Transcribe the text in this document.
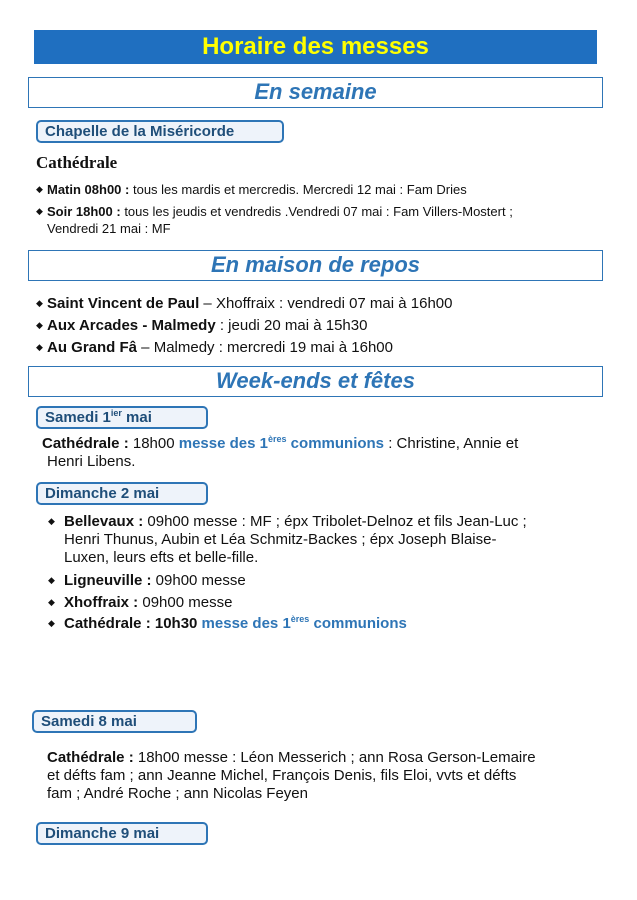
Horaire des messes
En semaine
Chapelle de la Miséricorde
Cathédrale
◆ Matin 08h00 : tous les mardis et mercredis. Mercredi 12 mai : Fam Dries
◆ Soir 18h00 : tous les jeudis et vendredis .Vendredi 07 mai : Fam Villers-Mostert ;
Vendredi 21 mai : MF
En maison de repos
◆ Saint Vincent de Paul – Xhoffraix : vendredi 07 mai à 16h00
◆ Aux Arcades - Malmedy : jeudi 20 mai à 15h30
◆ Au Grand Fâ – Malmedy : mercredi 19 mai à 16h00
Week-ends et fêtes
Samedi $1^{ier}$ mai
Cathédrale : 18h00 messe des 1ères communions : Christine, Annie et
Henri Libens.
Dimanche 2 mai
◆ Bellevaux : 09h00 messe : MF ; épx Tribolet-Delnoz et fils Jean-Luc ;
Henri Thunus, Aubin et Léa Schmitz-Backes ; épx Joseph Blaise-
Luxen, leurs efts et belle-fille.
◆ Ligneuville : 09h00 messe
◆ Xhoffraix : 09h00 messe
◆ Cathédrale : 10h30 messe des 1ères communions
Samedi 8 mai
Cathédrale : 18h00 messe : Léon Messerich ; ann Rosa Gerson-Lemaire
et défts fam ; ann Jeanne Michel, François Denis, fils Eloi, vvts et défts
fam ; André Roche ; ann Nicolas Feyen
Dimanche 9 mai
